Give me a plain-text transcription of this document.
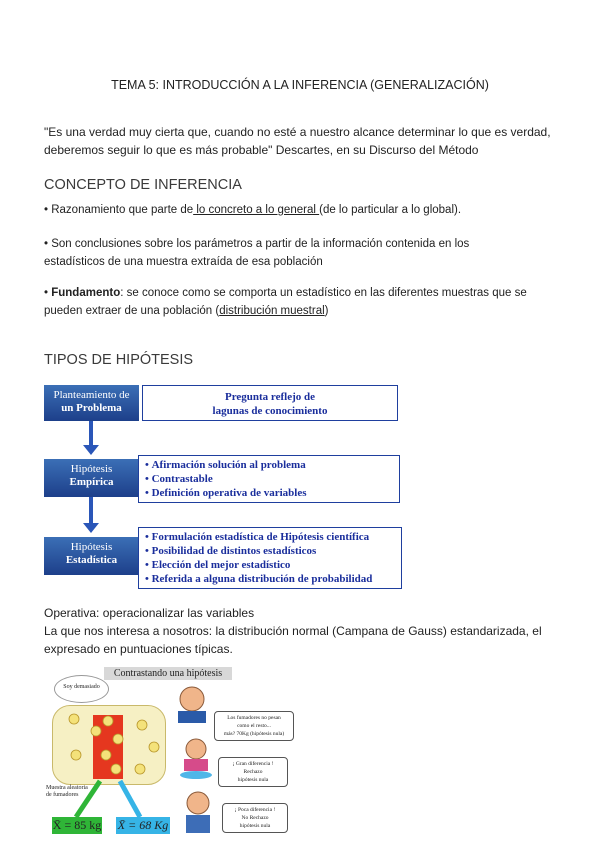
TEMA 5: INTRODUCCIÓN A LA INFERENCIA (GENERALIZACIÓN)
"Es una verdad muy cierta que, cuando no esté a nuestro alcance determinar lo que es verdad,
deberemos seguir lo que es más probable" Descartes, en su Discurso del Método
CONCEPTO DE INFERENCIA
• Razonamiento que parte de lo concreto a lo general (de lo particular a lo global).
• Son conclusiones sobre los parámetros a partir de la información contenida en los
estadísticos de una muestra extraída de esa población
• Fundamento: se conoce como se comporta un estadístico en las diferentes muestras que se
pueden extraer de una población (distribución muestral)
TIPOS DE HIPÓTESIS
Planteamiento de
un Problema
Pregunta reflejo de
lagunas de conocimiento
Hipótesis
Empírica
• Afirmación solución al problema
• Contrastable
• Definición operativa de variables
Hipótesis
Estadística
• Formulación estadística de Hipótesis científica
• Posibilidad de distintos estadísticos
• Elección del mejor estadístico
• Referida a alguna distribución de probabilidad
Operativa: operacionalizar las variables
La que nos interesa a nosotros: la distribución normal (Campana de Gauss) estandarizada, el
expresado en puntuaciones típicas.
Contrastando una hipótesis
Soy demasiado
Muestra aleatoria
de fumadores
X̄ = 85 kg X̄ = 68 Kg
Los fumadores no pesan
como el resto...
más? 70Kg (hipótesis nula)
¡ Gran diferencia !
Rechazo
hipótesis nula
¡ Poca diferencia !
No Rechazo
hipótesis nula
